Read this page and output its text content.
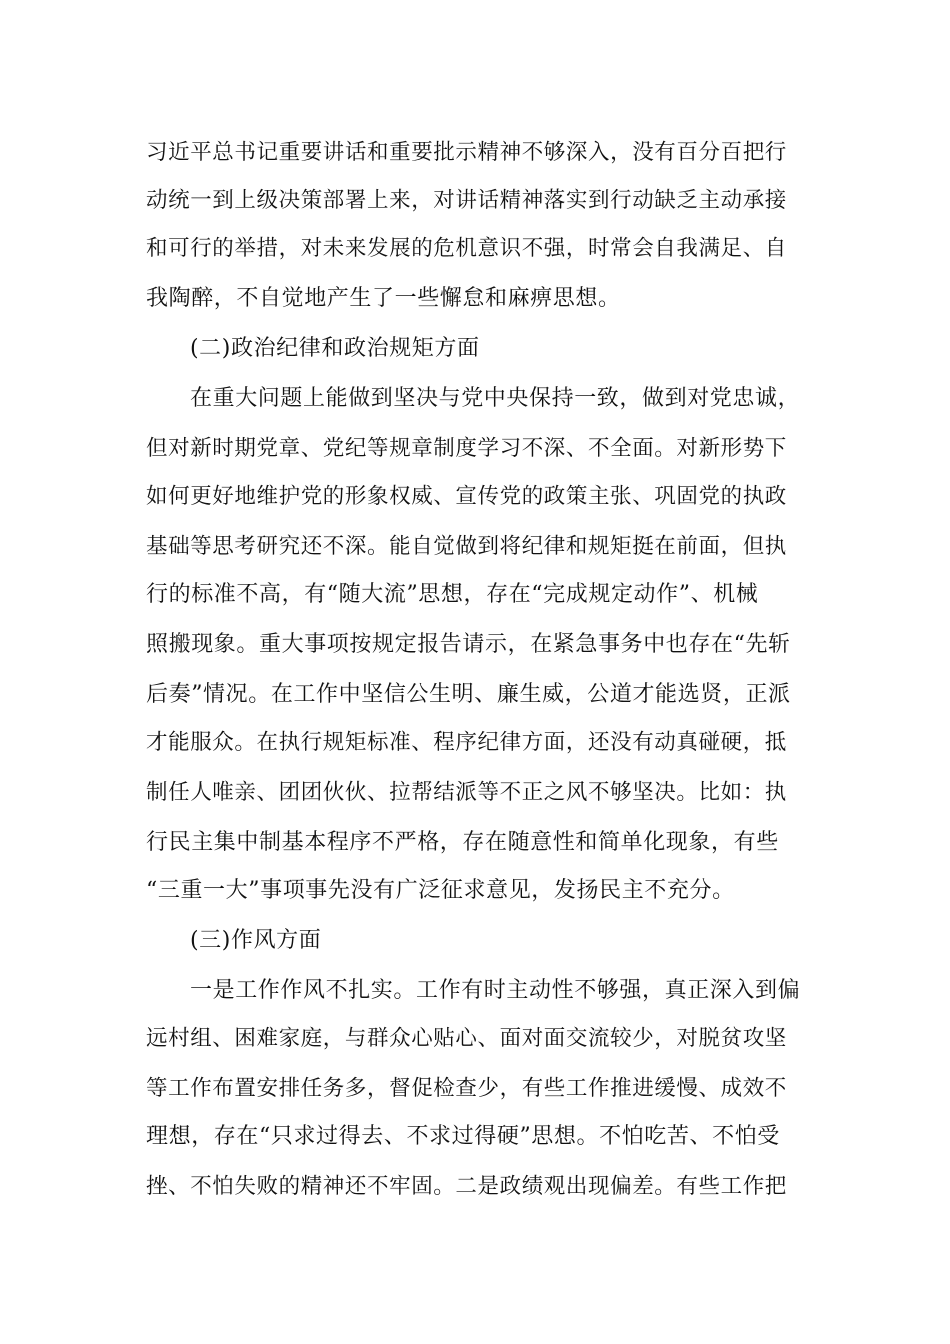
习近平总书记重要讲话和重要批示精神不够深入，没有百分百把行
动统一到上级决策部署上来，对讲话精神落实到行动缺乏主动承接
和可行的举措，对未来发展的危机意识不强，时常会自我满足、自
我陶醉，不自觉地产生了一些懈怠和麻痹思想。
(二)政治纪律和政治规矩方面
在重大问题上能做到坚决与党中央保持一致，做到对党忠诚，
但对新时期党章、党纪等规章制度学习不深、不全面。对新形势下
如何更好地维护党的形象权威、宣传党的政策主张、巩固党的执政
基础等思考研究还不深。能自觉做到将纪律和规矩挺在前面，但执
行的标准不高，有“随大流”思想，存在“完成规定动作”、机械
照搬现象。重大事项按规定报告请示，在紧急事务中也存在“先斩
后奏”情况。在工作中坚信公生明、廉生威，公道才能选贤，正派
才能服众。在执行规矩标准、程序纪律方面，还没有动真碰硬，抵
制任人唯亲、团团伙伙、拉帮结派等不正之风不够坚决。比如：执
行民主集中制基本程序不严格，存在随意性和简单化现象，有些
“三重一大”事项事先没有广泛征求意见，发扬民主不充分。
(三)作风方面
一是工作作风不扎实。工作有时主动性不够强，真正深入到偏
远村组、困难家庭，与群众心贴心、面对面交流较少，对脱贫攻坚
等工作布置安排任务多，督促检查少，有些工作推进缓慢、成效不
理想，存在“只求过得去、不求过得硬”思想。不怕吃苦、不怕受
挫、不怕失败的精神还不牢固。二是政绩观出现偏差。有些工作把
